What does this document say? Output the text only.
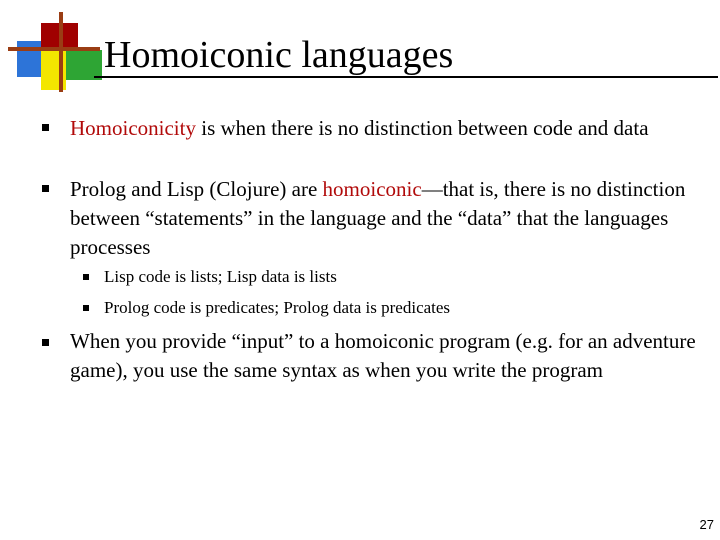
Homoiconic languages
Homoiconicity is when there is no distinction between code and data
Prolog and Lisp (Clojure) are homoiconic—that is, there is no distinction between “statements” in the language and the “data” that the languages processes
Lisp code is lists; Lisp data is lists
Prolog code is predicates; Prolog data is predicates
When you provide “input” to a homoiconic program (e.g. for an adventure game), you use the same syntax as when you write the program
27
